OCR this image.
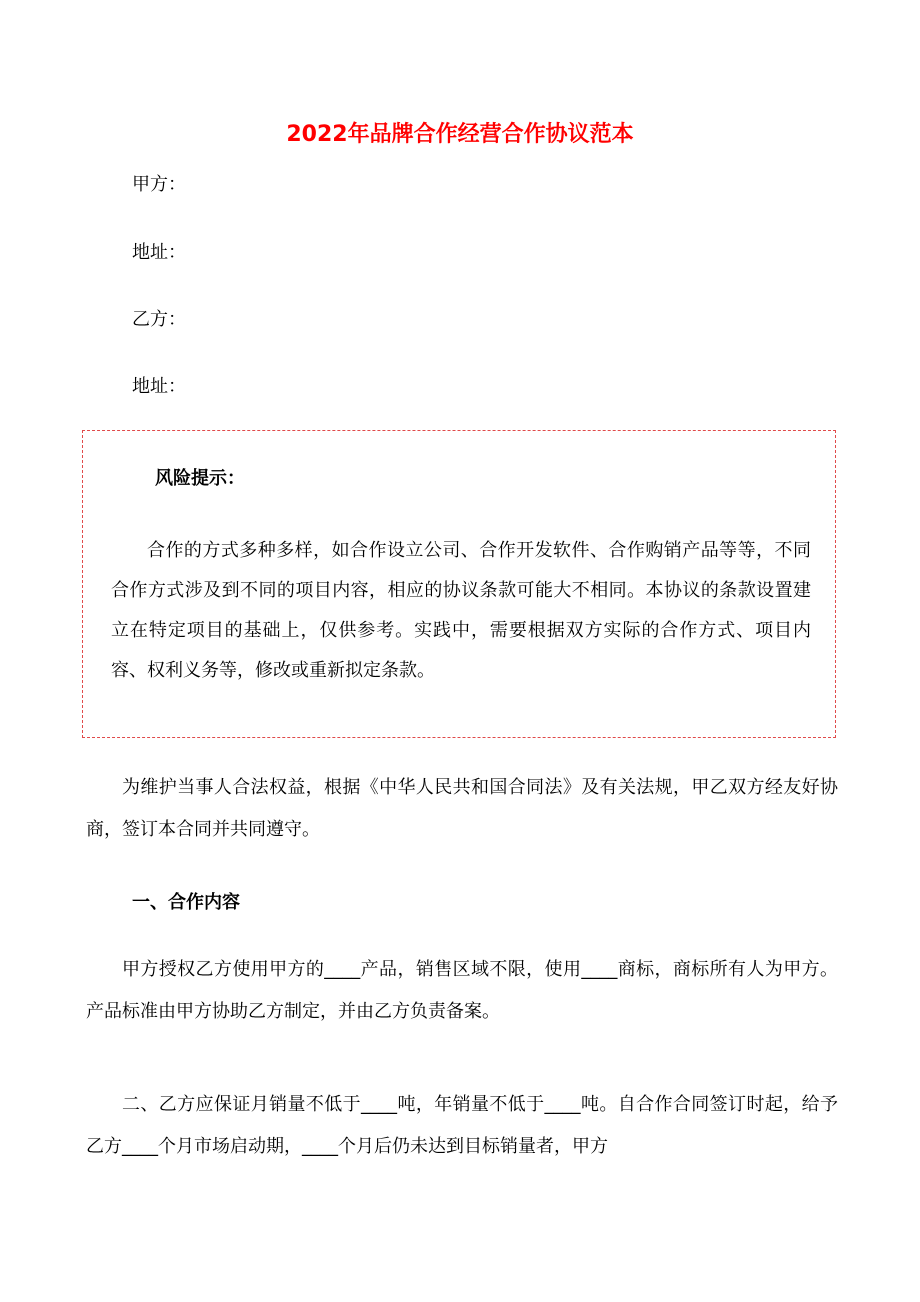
2022年品牌合作经营合作协议范本

甲方：

地址：

乙方：

地址：

风险提示：

合作的方式多种多样，如合作设立公司、合作开发软件、合作购销产品等等，不同合作方式涉及到不同的项目内容，相应的协议条款可能大不相同。本协议的条款设置建立在特定项目的基础上，仅供参考。实践中，需要根据双方实际的合作方式、项目内容、权利义务等，修改或重新拟定条款。

为维护当事人合法权益，根据《中华人民共和国合同法》及有关法规，甲乙双方经友好协商，签订本合同并共同遵守。

一、合作内容

甲方授权乙方使用甲方的____产品，销售区域不限，使用____商标，商标所有人为甲方。产品标准由甲方协助乙方制定，并由乙方负责备案。

二、乙方应保证月销量不低于____吨，年销量不低于____吨。自合作合同签订时起，给予乙方____个月市场启动期，____个月后仍未达到目标销量者，甲方
